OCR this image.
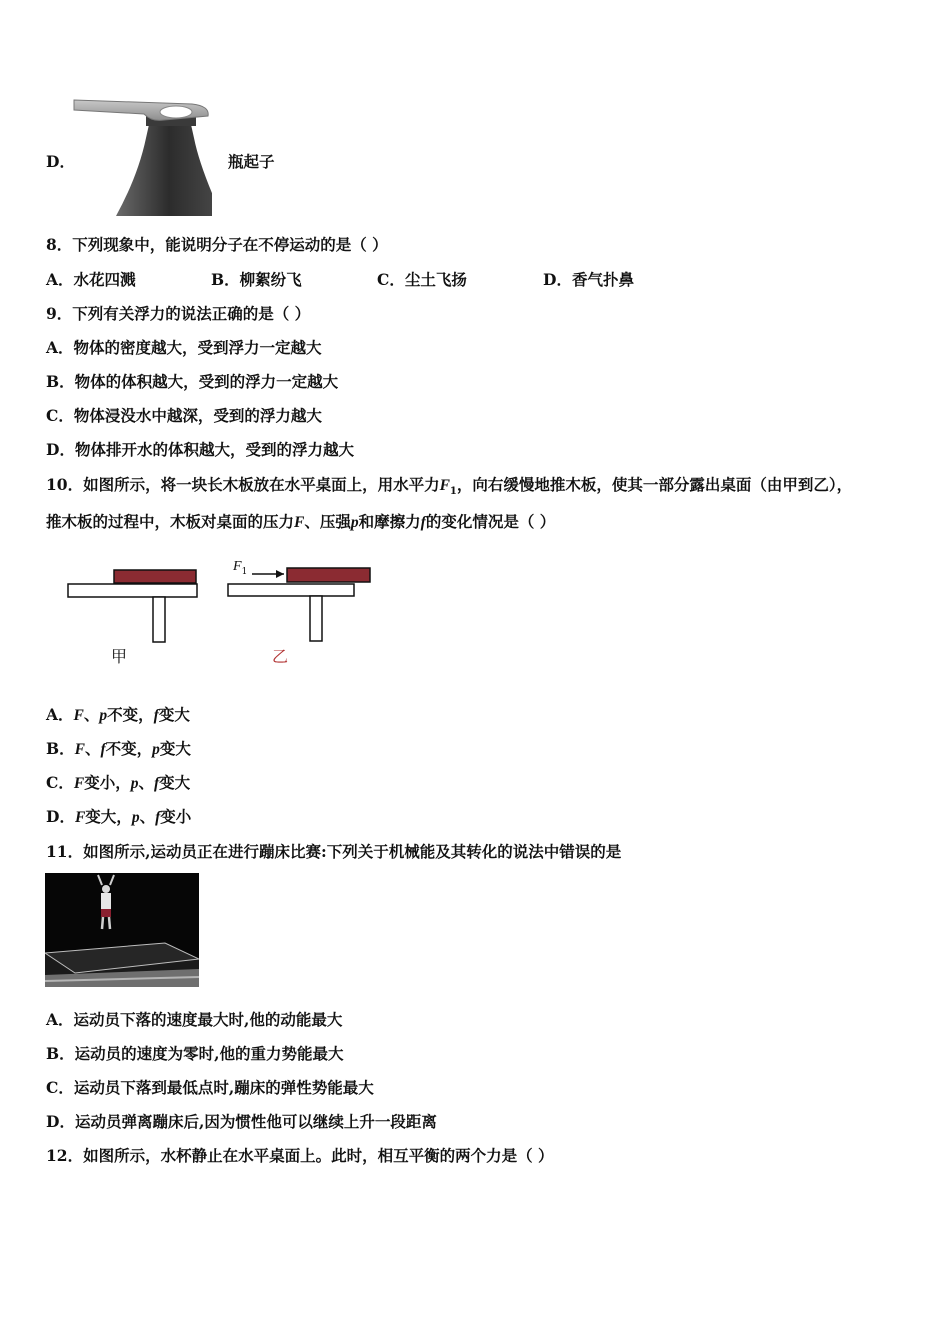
D．	瓶起子
8．下列现象中，能说明分子在不停运动的是（ ）
A．水花四溅	B．柳絮纷飞	C．尘土飞扬	D．香气扑鼻
9．下列有关浮力的说法正确的是（ ）
A．物体的密度越大，受到浮力一定越大
B．物体的体积越大，受到的浮力一定越大
C．物体浸没水中越深，受到的浮力越大
D．物体排开水的体积越大，受到的浮力越大
10．如图所示，将一块长木板放在水平桌面上，用水平力$F_1$，向右缓慢地推木板，使其一部分露出桌面（由甲到乙），
推木板的过程中，木板对桌面的压力F、压强p和摩擦力f的变化情况是（ ）
甲
$F_1$
乙
A．F、p不变，f变大
B．F、f不变，p变大
C．F变小，p、f变大
D．F变大，p、f变小
11．如图所示,运动员正在进行蹦床比赛:下列关于机械能及其转化的说法中错误的是
A．运动员下落的速度最大时,他的动能最大
B．运动员的速度为零时,他的重力势能最大
C．运动员下落到最低点时,蹦床的弹性势能最大
D．运动员弹离蹦床后,因为惯性他可以继续上升一段距离
12．如图所示，水杯静止在水平桌面上。此时，相互平衡的两个力是（ ）
